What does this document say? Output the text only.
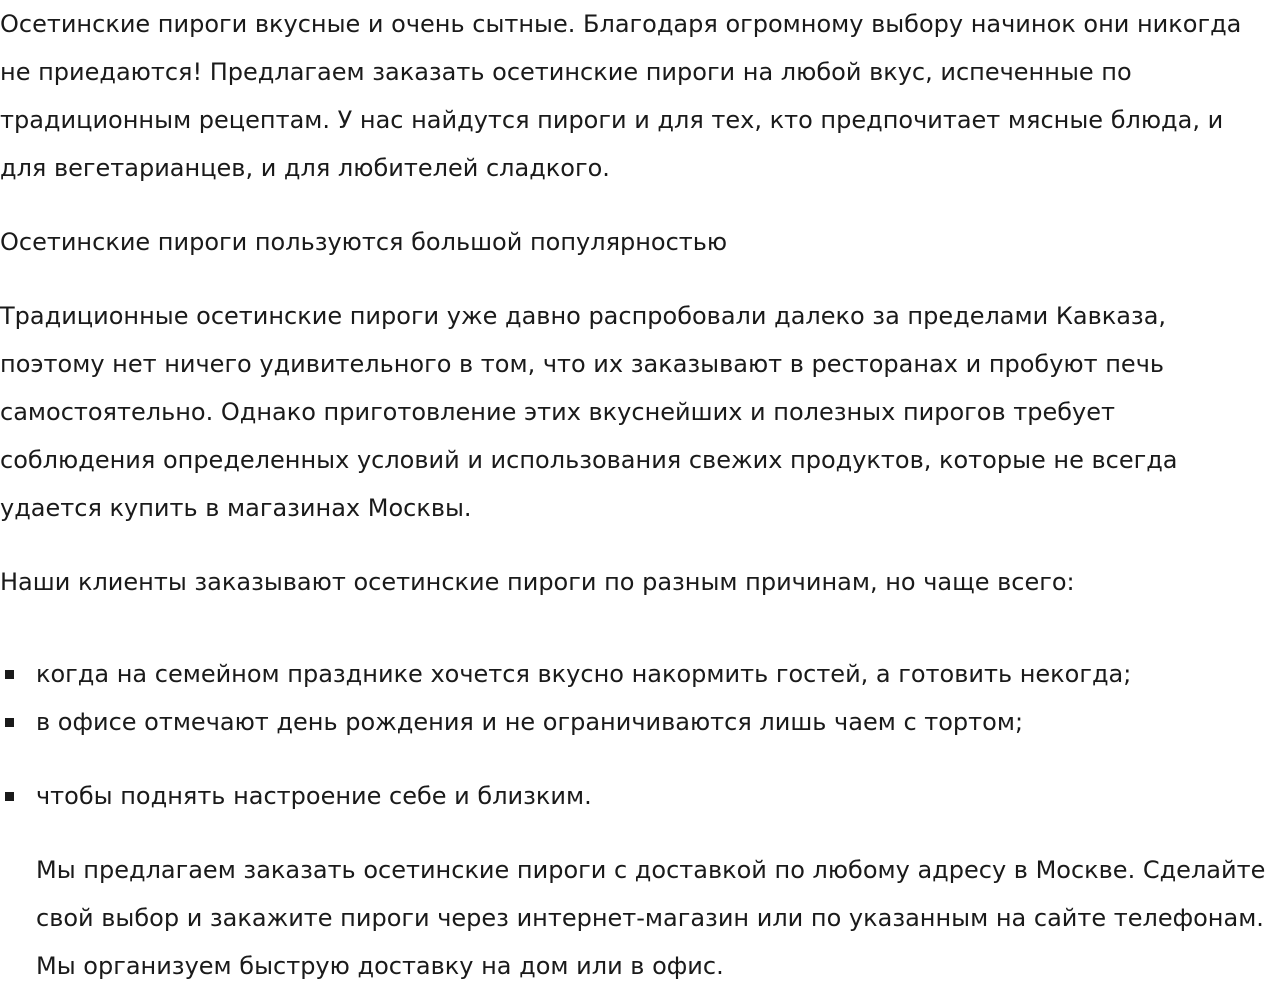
Осетинские пироги вкусные и очень сытные. Благодаря огромному выбору начинок они никогда не приедаются! Предлагаем заказать осетинские пироги на любой вкус, испеченные по традиционным рецептам. У нас найдутся пироги и для тех, кто предпочитает мясные блюда, и для вегетарианцев, и для любителей сладкого.

Осетинские пироги пользуются большой популярностью

Традиционные осетинские пироги уже давно распробовали далеко за пределами Кавказа, поэтому нет ничего удивительного в том, что их заказывают в ресторанах и пробуют печь самостоятельно. Однако приготовление этих вкуснейших и полезных пирогов требует соблюдения определенных условий и использования свежих продуктов, которые не всегда удается купить в магазинах Москвы.

Наши клиенты заказывают осетинские пироги по разным причинам, но чаще всего:

когда на семейном празднике хочется вкусно накормить гостей, а готовить некогда;
в офисе отмечают день рождения и не ограничиваются лишь чаем с тортом;
чтобы поднять настроение себе и близким.

Мы предлагаем заказать осетинские пироги с доставкой по любому адресу в Москве. Сделайте свой выбор и закажите пироги через интернет-магазин или по указанным на сайте телефонам. Мы организуем быструю доставку на дом или в офис.
